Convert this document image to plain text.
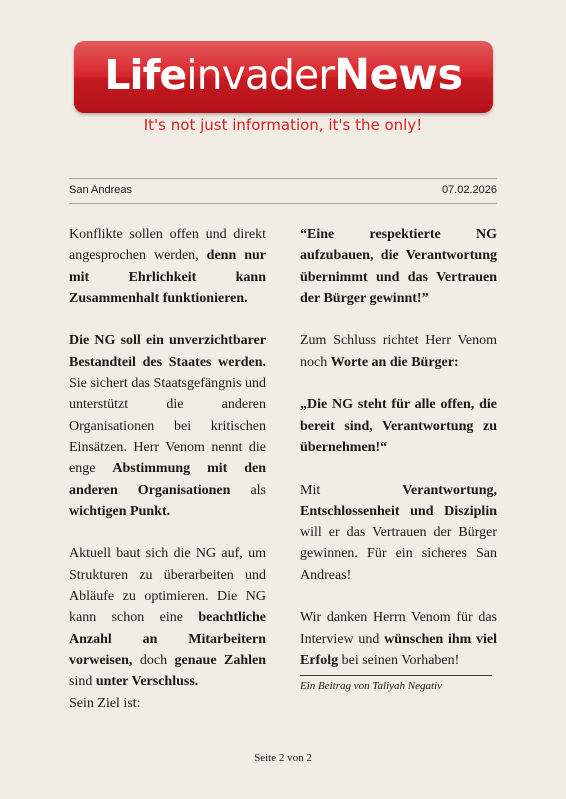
LifeinvaderNews
It's not just information, it's the only!
San Andreas	07.02.2026

Konflikte sollen offen und direkt angesprochen werden, denn nur mit Ehrlichkeit kann Zusammenhalt funktionieren.

Die NG soll ein unverzichtbarer Bestandteil des Staates werden. Sie sichert das Staatsgefängnis und unterstützt die anderen Organisationen bei kritischen Einsätzen. Herr Venom nennt die enge Abstimmung mit den anderen Organisationen als wichtigen Punkt.

Aktuell baut sich die NG auf, um Strukturen zu überarbeiten und Abläufe zu optimieren. Die NG kann schon eine beachtliche Anzahl an Mitarbeitern vorweisen, doch genaue Zahlen sind unter Verschluss.

Sein Ziel ist:

“Eine respektierte NG aufzubauen, die Verantwortung übernimmt und das Vertrauen der Bürger gewinnt!”

Zum Schluss richtet Herr Venom noch Worte an die Bürger:

„Die NG steht für alle offen, die bereit sind, Verantwortung zu übernehmen!“

Mit Verantwortung, Entschlossenheit und Disziplin will er das Vertrauen der Bürger gewinnen. Für ein sicheres San Andreas!

Wir danken Herrn Venom für das Interview und wünschen ihm viel Erfolg bei seinen Vorhaben!

Ein Beitrag von Taliyah Negativ
Seite 2 von 2
